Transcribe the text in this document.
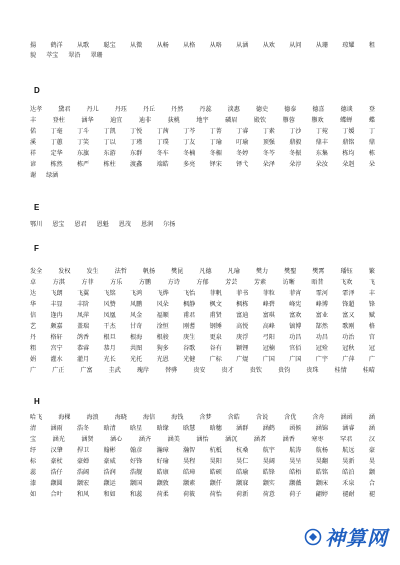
揚 鹤洋 从歌 聪宝 从微 从畅 从格 从咯 从涵 从欢 从问 从珊 琼耀 租
貌 萃宝 翠沿 翠珊
D
达孝	黛君	丹儿	丹珏	丹丘	丹然	丹蕊	淡惠	德史	德泰	德喜	德谈	登
丰	登柱	涵华	迪宜	迪非	荻桃	地宇	磷眉	殿钦	隳蓉	隳欢	蝶蝉	蝶
偌 丁毫 丁斗 丁凯 丁悦 丁茜 丁芩 丁菁 丁睿 丁素 丁沙 丁菀 丁媛 丁
溪 丁蕙 丁笑 丁以 丁瑾 丁璞 丁友 丁瑜 叮瑜 顶强 鼎毅 鼎丰 鼎铭 鼎
祥 定华 东旗 东游 东群 冬车 冬楠 冬楣 冬婷 冬芩 冬振 东集 栋均 栋
谚 栋然 栋严 栋柱 渡鑫 端皓 多亮 铎宋 铎弋 朵泽 朵淳 朵汝 朵赳 朵
谢 绿涵
E
鄂川 恩宝 恩君 恩魁 恩茂 恩润 尔扬
F
发全	发权	发生	法哲	帆扬	樊昆	凡德	凡瑜	樊力	樊聖	樊霄	璠钰	繁
卓	方淇	方菲	方乐	方鹏	方诗	方郁	芳芸	芳素	访晰	晤昔	飞欢	飞
达 飞朗 飞翼 飞铭 飞鸿 飞烨 飞怡 菲帆 菲书 菲粒 菲宵 霏河 霏泽 丰
华 丰显 丰阶 风赞 风鹏 风朵 枫静 枫文 枫栋 峰碧 峰宪 峰博 锋超 锋
信 逢冉 凤萍 凤凰 风金 福顺 甫君 甫贤 富迪 富琪 富欢 富业 富又 赋
艺 颇嘉 盖瑞 干杰 甘奇 淦恒 刚蓍 钢锤 高悦 高峰 镐博 郜然 歌刚 格
丹 格轩 鸽香 根旦 根海 根骏 庚生 更泉 庚浮 弓阳 功昌 功昌 功治 宫
粗 宫宁 恭睿 恭月 共图 狗多 谷歌 谷有 颖锂 冠楠 官佰 冠殓 冠秋 冠
娟 灌水 灌月 光长 光托 光恩 光健 广标 广焜 广国 广国 广宇 广萍 广
广	广正	广富	圭武	瑰岸	替骅	贵安	贵才	贵钦	贵钧	贵珠	桂情	桂晴
H
哈飞	海棵	海浪	海晓	海信	海钱	含梦	含皓	含说	含优	含舟	涵函	涵
清 涵雨 浩冬 晗清 晗星 晗缘 晗慧 晗穗 涵群 涵鹤 函候 涵锦 涵睿 涵
宝	涵光	涵贤	涵心	涵齐	涵美	涵怡	涵沉	涵者	涵香	寒枣	罕君	汉
纾 汉肇 捍卫 翰彬 翰彦 瀚璋 瀚智 杭柢 杭桑 航宇 航涛 航杨 航远 豪
标 豪杖 豪婵 豪威 好锋 好瑜 昊程 昊阳 昊仁 昊阔 昊呈 昊翻 昊新 昊
蕊 浩仔 浩阔 浩润 浩舰 皓康 皓璋 皓硕 皓瑜 皓锋 皓梧 皓铭 皓泊 颛
漆 颛圆 颛宏 颛运 颛国 颛敦 颛素 颛仟 颛寐 颛实 颛薇 颛床 禾泉 合
如 合叶 和风 和如 和蕊 荷柔 荷筱 荷怡 荷新 荷意 荷子 翩婷 褪耐 褪
神算网
